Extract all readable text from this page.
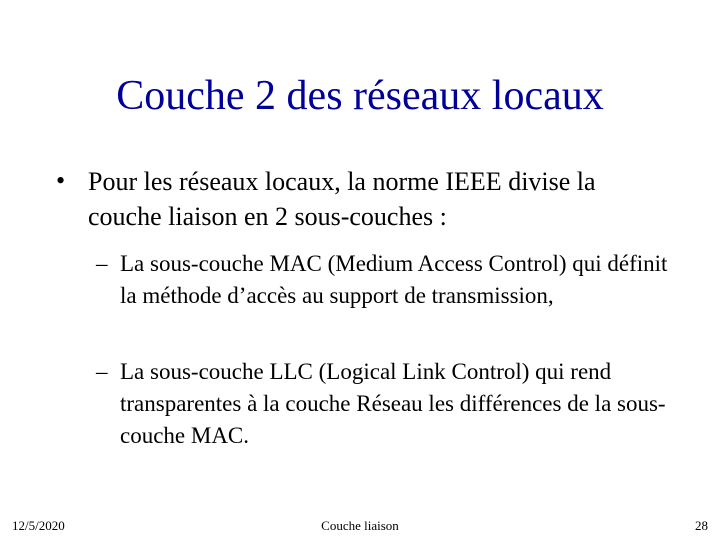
Couche 2 des réseaux locaux
• Pour les réseaux locaux, la norme IEEE divise la couche liaison en 2 sous-couches :
– La sous-couche MAC (Medium Access Control) qui définit la méthode d’accès au support de transmission,
– La sous-couche LLC (Logical Link Control) qui rend transparentes à la couche Réseau les différences de la sous-couche MAC.
12/5/2020	Couche liaison	28
